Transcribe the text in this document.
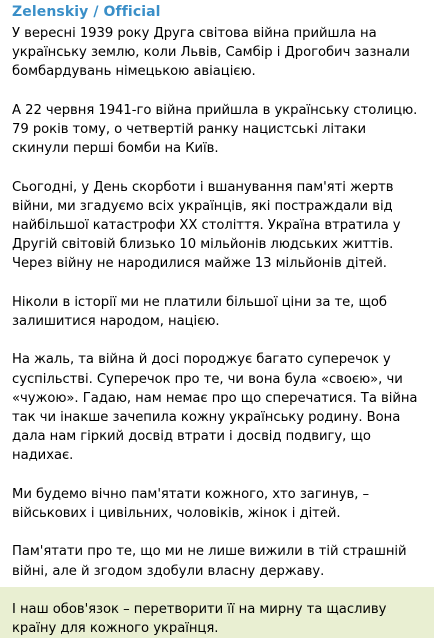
Zelenskiy / Official

У вересні 1939 року Друга світова війна прийшла на українську землю, коли Львів, Самбір і Дрогобич зазнали бомбардувань німецькою авіацією.

А 22 червня 1941-го війна прийшла в українську столицю. 79 років тому, о четвертій ранку нацистські літаки скинули перші бомби на Київ.

Сьогодні, у День скорботи і вшанування пам'яті жертв війни, ми згадуємо всіх українців, які постраждали від найбільшої катастрофи XX століття. Україна втратила у Другій світовій близько 10 мільйонів людських життів. Через війну не народилися майже 13 мільйонів дітей.

Ніколи в історії ми не платили більшої ціни за те, щоб залишитися народом, нацією.

На жаль, та війна й досі породжує багато суперечок у суспільстві. Суперечок про те, чи вона була «своєю», чи «чужою». Гадаю, нам немає про що сперечатися. Та війна так чи інакше зачепила кожну українську родину. Вона дала нам гіркий досвід втрати і досвід подвигу, що надихає.

Ми будемо вічно пам'ятати кожного, хто загинув, – військових і цивільних, чоловіків, жінок і дітей.

Пам'ятати про те, що ми не лише вижили в тій страшній війні, але й згодом здобули власну державу.

І наш обов'язок – перетворити її на мирну та щасливу країну для кожного українця.
